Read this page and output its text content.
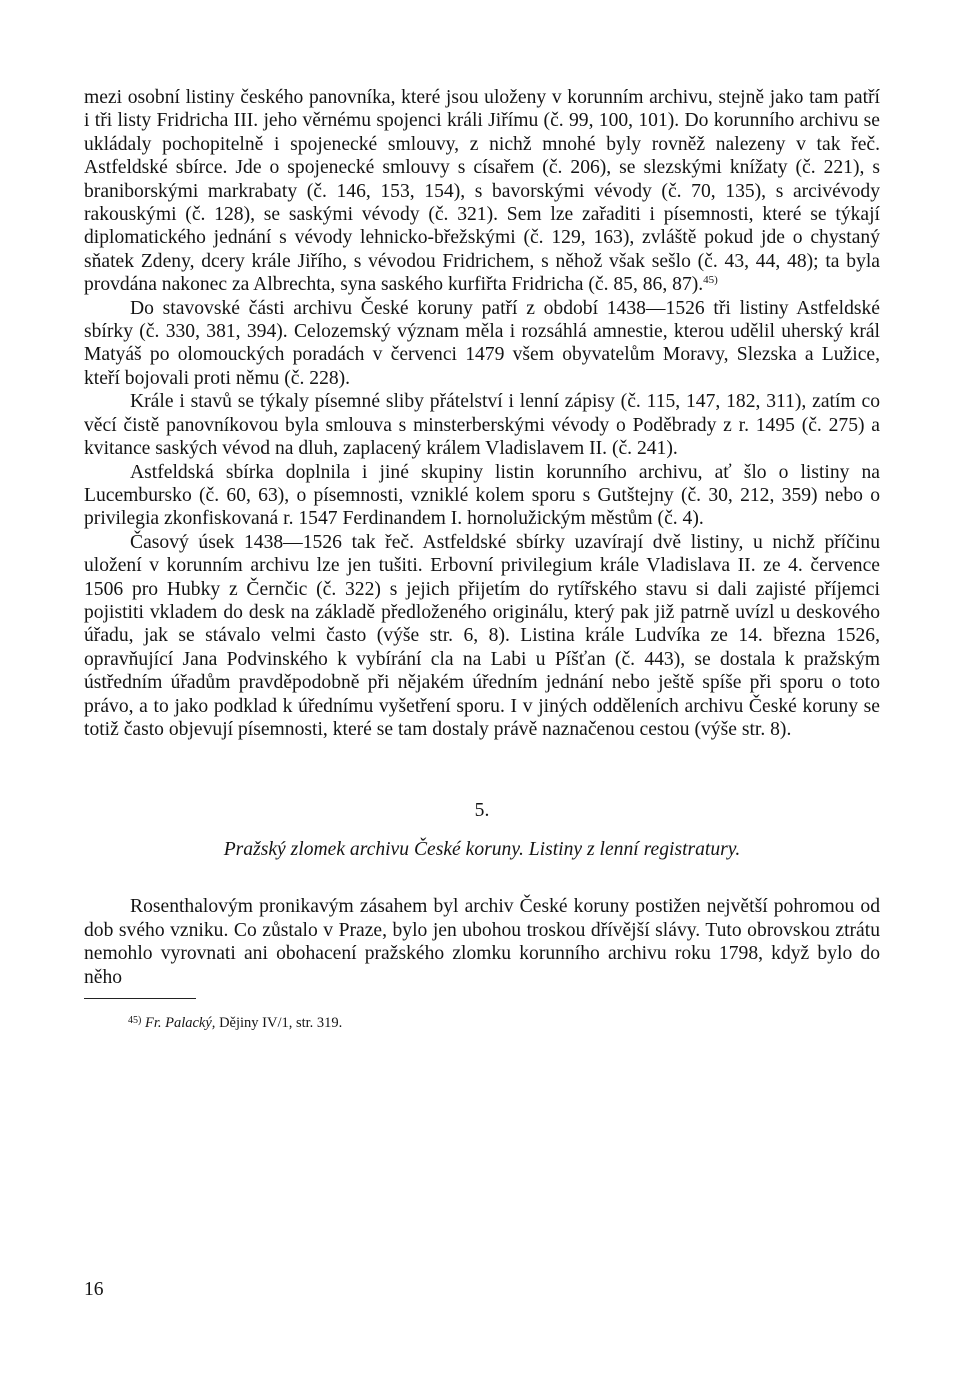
mezi osobní listiny českého panovníka, které jsou uloženy v korunním archivu, stejně jako tam patří i tři listy Fridricha III. jeho věrnému spojenci králi Jiřímu (č. 99, 100, 101). Do korunního archivu se ukládaly pochopitelně i spojenecké smlouvy, z nichž mnohé byly rovněž nalezeny v tak řeč. Astfeldské sbírce. Jde o spojenecké smlouvy s císařem (č. 206), se slezskými knížaty (č. 221), s braniborskými markrabaty (č. 146, 153, 154), s bavorskými vévody (č. 70, 135), s arcivévody rakouskými (č. 128), se saskými vévody (č. 321). Sem lze zařaditi i písemnosti, které se týkají diplomatického jednání s vévody lehnicko-břežskými (č. 129, 163), zvláště pokud jde o chystaný sňatek Zdeny, dcery krále Jiřího, s vévodou Fridrichem, s něhož však sešlo (č. 43, 44, 48); ta byla provdána nakonec za Albrechta, syna saského kurfiřta Fridricha (č. 85, 86, 87).$^{45)}$

Do stavovské části archivu České koruny patří z období 1438—1526 tři listiny Astfeldské sbírky (č. 330, 381, 394). Celozemský význam měla i rozsáhlá amnestie, kterou udělil uherský král Matyáš po olomouckých poradách v červenci 1479 všem obyvatelům Moravy, Slezska a Lužice, kteří bojovali proti němu (č. 228).

Krále i stavů se týkaly písemné sliby přátelství i lenní zápisy (č. 115, 147, 182, 311), zatím co věcí čistě panovníkovou byla smlouva s minsterberskými vévody o Poděbrady z r. 1495 (č. 275) a kvitance saských vévod na dluh, zaplacený králem Vladislavem II. (č. 241).

Astfeldská sbírka doplnila i jiné skupiny listin korunního archivu, ať šlo o listiny na Lucembursko (č. 60, 63), o písemnosti, vzniklé kolem sporu s Gutštejny (č. 30, 212, 359) nebo o privilegia zkonfiskovaná r. 1547 Ferdinandem I. hornolužickým městům (č. 4).

Časový úsek 1438—1526 tak řeč. Astfeldské sbírky uzavírají dvě listiny, u nichž příčinu uložení v korunním archivu lze jen tušiti. Erbovní privilegium krále Vladislava II. ze 4. července 1506 pro Hubky z Černčic (č. 322) s jejich přijetím do rytířského stavu si dali zajisté příjemci pojistiti vkladem do desk na základě předloženého originálu, který pak již patrně uvízl u deskového úřadu, jak se stávalo velmi často (výše str. 6, 8). Listina krále Ludvíka ze 14. března 1526, opravňující Jana Podvinského k vybírání cla na Labi u Píšťan (č. 443), se dostala k pražským ústředním úřadům pravděpodobně při nějakém úředním jednání nebo ještě spíše při sporu o toto právo, a to jako podklad k úřednímu vyšetření sporu. I v jiných odděleních archivu České koruny se totiž často objevují písemnosti, které se tam dostaly právě naznačenou cestou (výše str. 8).

5.
Pražský zlomek archivu České koruny. Listiny z lenní registratury.

Rosenthalovým pronikavým zásahem byl archiv České koruny postižen největší pohromou od dob svého vzniku. Co zůstalo v Praze, bylo jen ubohou troskou dřívější slávy. Tuto obrovskou ztrátu nemohlo vyrovnati ani obohacení pražského zlomku korunního archivu roku 1798, když bylo do něho

$^{45)}$ Fr. Palacký, Dějiny IV/1, str. 319.
16
